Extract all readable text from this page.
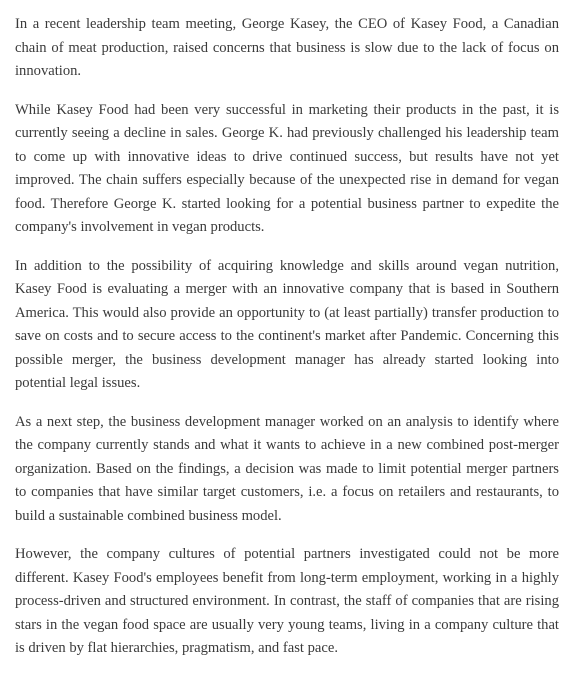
In a recent leadership team meeting, George Kasey, the CEO of Kasey Food, a Canadian chain of meat production, raised concerns that business is slow due to the lack of focus on innovation.

While Kasey Food had been very successful in marketing their products in the past, it is currently seeing a decline in sales. George K. had previously challenged his leadership team to come up with innovative ideas to drive continued success, but results have not yet improved. The chain suffers especially because of the unexpected rise in demand for vegan food. Therefore George K. started looking for a potential business partner to expedite the company's involvement in vegan products.

In addition to the possibility of acquiring knowledge and skills around vegan nutrition, Kasey Food is evaluating a merger with an innovative company that is based in Southern America. This would also provide an opportunity to (at least partially) transfer production to save on costs and to secure access to the continent's market after Pandemic. Concerning this possible merger, the business development manager has already started looking into potential legal issues.

As a next step, the business development manager worked on an analysis to identify where the company currently stands and what it wants to achieve in a new combined post-merger organization. Based on the findings, a decision was made to limit potential merger partners to companies that have similar target customers, i.e. a focus on retailers and restaurants, to build a sustainable combined business model.

However, the company cultures of potential partners investigated could not be more different. Kasey Food's employees benefit from long-term employment, working in a highly process-driven and structured environment. In contrast, the staff of companies that are rising stars in the vegan food space are usually very young teams, living in a company culture that is driven by flat hierarchies, pragmatism, and fast pace.
